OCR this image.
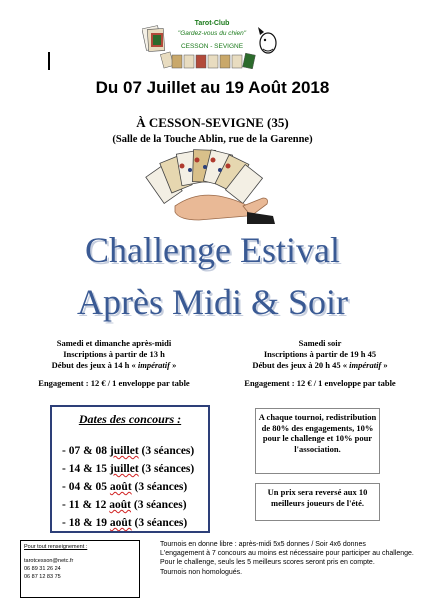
Tarot-Club
"Gardez-vous du chien"
CESSON - SEVIGNE
Du 07 Juillet au 19 Août 2018
À CESSON-SEVIGNE (35)
(Salle de la Touche Ablin, rue de la Garenne)
Challenge Estival
Après Midi & Soir
Samedi et dimanche après-midi
Inscriptions à partir de 13 h
Début des jeux à 14 h « impératif »
Engagement : 12 € / 1 enveloppe par table
Samedi soir
Inscriptions à partir de 19 h 45
Début des jeux à 20 h 45 « impératif »
Engagement : 12 € / 1 enveloppe par table
Dates des concours :
- 07 & 08 juillet (3 séances)
- 14 & 15 juillet (3 séances)
- 04 & 05 août (3 séances)
- 11 & 12 août (3 séances)
- 18 & 19 août (3 séances)
A chaque tournoi, redistribution de 80% des engagements, 10% pour le challenge et 10% pour l'association.
Un prix sera reversé aux 10 meilleurs joueurs de l'été.
Pour tout renseignement :
tarotcesson@netc.fr
06 89 31 26 24
06 87 12 83 75
Tournois en donne libre : après-midi 5x5 donnes / Soir 4x6 donnes
L'engagement à 7 concours au moins est nécessaire pour participer au challenge.
Pour le challenge, seuls les 5 meilleurs scores seront pris en compte.
Tournois non homologués.
